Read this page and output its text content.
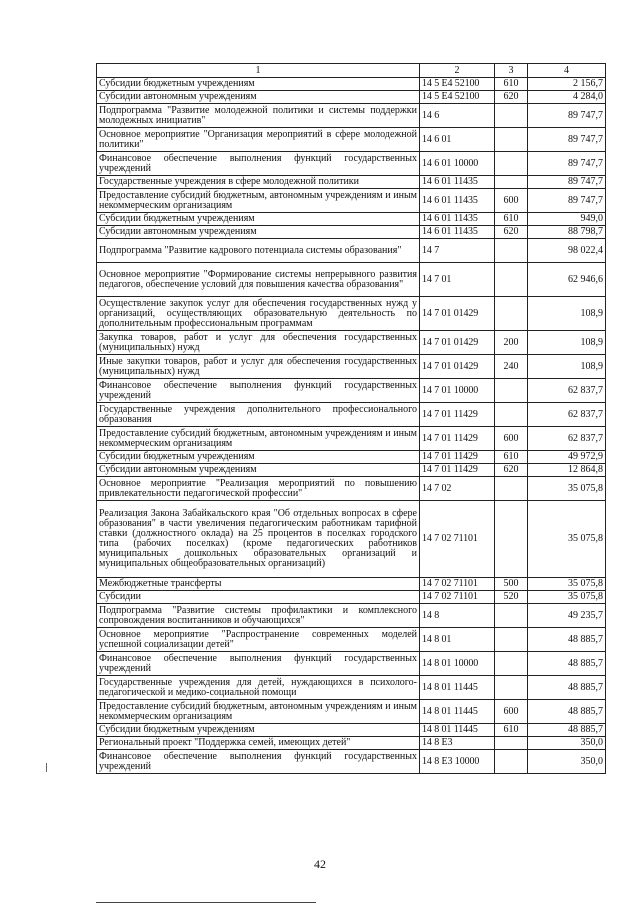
1	2	3	4
Субсидии бюджетным учреждениям	14 5 Е4 52100	610	2 156,7
Субсидии автономным учреждениям	14 5 Е4 52100	620	4 284,0
Подпрограмма "Развитие молодежной политики и системы поддержки молодежных инициатив"	14 6		89 747,7
Основное мероприятие "Организация мероприятий в сфере молодежной политики"	14 6 01		89 747,7
Финансовое обеспечение выполнения функций государственных учреждений	14 6 01 10000		89 747,7
Государственные учреждения в сфере молодежной политики	14 6 01 11435		89 747,7
Предоставление субсидий бюджетным, автономным учреждениям и иным некоммерческим организациям	14 6 01 11435	600	89 747,7
Субсидии бюджетным учреждениям	14 6 01 11435	610	949,0
Субсидии автономным учреждениям	14 6 01 11435	620	88 798,7
Подпрограмма "Развитие кадрового потенциала системы образования"	14 7		98 022,4
Основное мероприятие "Формирование системы непрерывного развития педагогов, обеспечение условий для повышения качества образования"	14 7 01		62 946,6
Осуществление закупок услуг для обеспечения государственных нужд у организаций, осуществляющих образовательную деятельность по дополнительным профессиональным программам	14 7 01 01429		108,9
Закупка товаров, работ и услуг для обеспечения государственных (муниципальных) нужд	14 7 01 01429	200	108,9
Иные закупки товаров, работ и услуг для обеспечения государственных (муниципальных) нужд	14 7 01 01429	240	108,9
Финансовое обеспечение выполнения функций государственных учреждений	14 7 01 10000		62 837,7
Государственные учреждения дополнительного профессионального образования	14 7 01 11429		62 837,7
Предоставление субсидий бюджетным, автономным учреждениям и иным некоммерческим организациям	14 7 01 11429	600	62 837,7
Субсидии бюджетным учреждениям	14 7 01 11429	610	49 972,9
Субсидии автономным учреждениям	14 7 01 11429	620	12 864,8
Основное мероприятие "Реализация мероприятий по повышению привлекательности педагогической профессии"	14 7 02		35 075,8
Реализация Закона Забайкальского края "Об отдельных вопросах в сфере образования" в части увеличения педагогическим работникам тарифной ставки (должностного оклада) на 25 процентов в поселках городского типа (рабочих поселках) (кроме педагогических работников муниципальных дошкольных образовательных организаций и муниципальных общеобразовательных организаций)	14 7 02 71101		35 075,8
Межбюджетные трансферты	14 7 02 71101	500	35 075,8
Субсидии	14 7 02 71101	520	35 075,8
Подпрограмма "Развитие системы профилактики и комплексного сопровождения воспитанников и обучающихся"	14 8		49 235,7
Основное мероприятие "Распространение современных моделей успешной социализации детей"	14 8 01		48 885,7
Финансовое обеспечение выполнения функций государственных учреждений	14 8 01 10000		48 885,7
Государственные учреждения для детей, нуждающихся в психолого-педагогической и медико-социальной помощи	14 8 01 11445		48 885,7
Предоставление субсидий бюджетным, автономным учреждениям и иным некоммерческим организациям	14 8 01 11445	600	48 885,7
Субсидии бюджетным учреждениям	14 8 01 11445	610	48 885,7
Региональный проект "Поддержка семей, имеющих детей"	14 8 Е3		350,0
Финансовое обеспечение выполнения функций государственных учреждений	14 8 Е3 10000		350,0
42
